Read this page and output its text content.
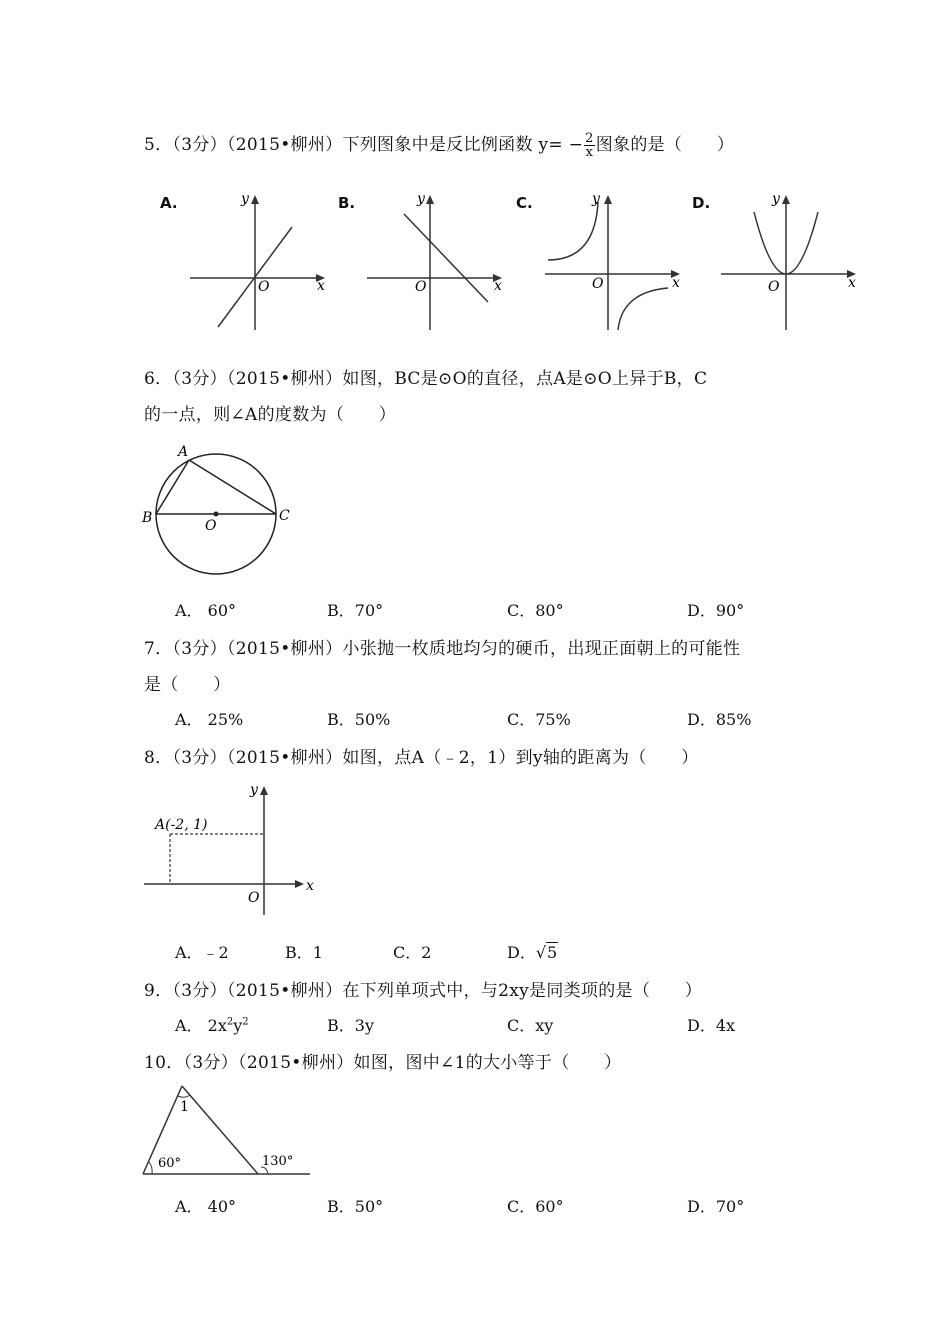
5．（3分）（2015•柳州）下列图象中是反比例函数 $y= - \frac{2}{x}$ 图象的是（　　）
A.	y
x
O
B.	y
x
O
C.	y
x
O
D.	y
x
O
6．（3分）（2015•柳州）如图，BC是⊙O的直径，点A是⊙O上异于B，C
的一点，则∠A的度数为（　　）
A
B	C
O
A． 60°	B．70°	C．80°	D．90°
7．（3分）（2015•柳州）小张抛一枚质地均匀的硬币，出现正面朝上的可能性
是（　　）
A． 25%	B．50%	C．75%	D．85%
8．（3分）（2015•柳州）如图，点A（﹣2，1）到y轴的距离为（　　）
A(-2, 1)
y
x
O
A．﹣2	B．1	C．2	D．√5
9．（3分）（2015•柳州）在下列单项式中，与2xy是同类项的是（　　）
A． $2x^2y^2$	B．3y	C．xy	D．4x
10．（3分）（2015•柳州）如图，图中∠1的大小等于（　　）
1
60°	130°
A． 40°	B．50°	C．60°	D．70°
